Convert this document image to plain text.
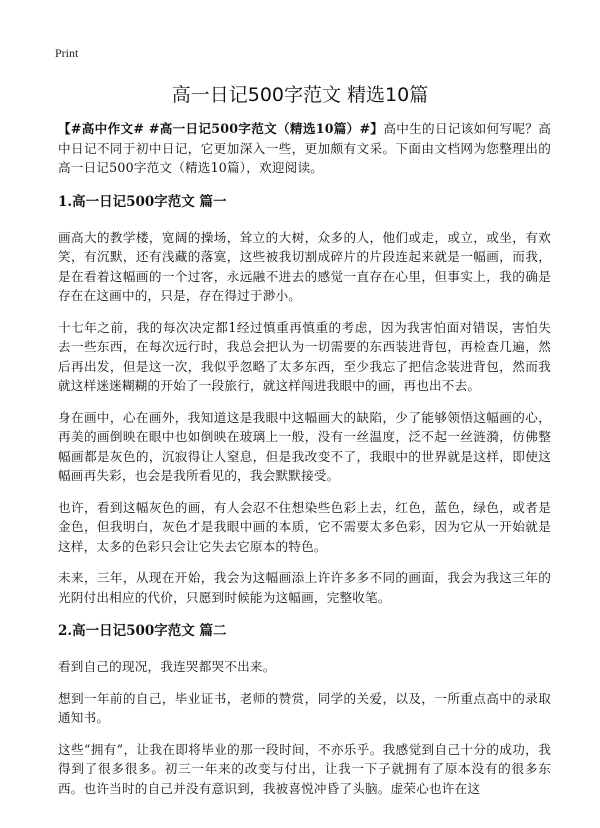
Print
高一日记500字范文 精选10篇

【#高中作文# #高一日记500字范文（精选10篇）#】高中生的日记该如何写呢？高中日记不同于初中日记，它更加深入一些，更加颇有文采。下面由文档网为您整理出的高一日记500字范文（精选10篇），欢迎阅读。

1.高一日记500字范文 篇一

画高大的教学楼，宽阔的操场，耸立的大树，众多的人，他们或走，或立，或坐，有欢笑，有沉默，还有浅藏的落寞，这些被我切割成碎片的片段连起来就是一幅画，而我，是在看着这幅画的一个过客，永远融不进去的感觉一直存在心里，但事实上，我的确是存在在这画中的，只是，存在得过于渺小。

十七年之前，我的每次决定都1经过慎重再慎重的考虑，因为我害怕面对错误，害怕失去一些东西，在每次远行时，我总会把认为一切需要的东西装进背包，再检查几遍，然后再出发，但是这一次，我似乎忽略了太多东西，至少我忘了把信念装进背包，然而我就这样迷迷糊糊的开始了一段旅行，就这样闯进我眼中的画，再也出不去。

身在画中，心在画外，我知道这是我眼中这幅画大的缺陷，少了能够领悟这幅画的心，再美的画倒映在眼中也如倒映在玻璃上一般，没有一丝温度，泛不起一丝涟漪，仿佛整幅画都是灰色的，沉寂得让人窒息，但是我改变不了，我眼中的世界就是这样，即使这幅画再失彩，也会是我所看见的，我会默默接受。

也许，看到这幅灰色的画，有人会忍不住想染些色彩上去，红色，蓝色，绿色，或者是金色，但我明白，灰色才是我眼中画的本质，它不需要太多色彩，因为它从一开始就是这样，太多的色彩只会让它失去它原本的特色。

未来，三年，从现在开始，我会为这幅画添上许许多多不同的画面，我会为我这三年的光阴付出相应的代价，只愿到时候能为这幅画，完整收笔。

2.高一日记500字范文 篇二

看到自己的现况，我连哭都哭不出来。

想到一年前的自己，毕业证书，老师的赞赏，同学的关爱，以及，一所重点高中的录取通知书。

这些“拥有”，让我在即将毕业的那一段时间，不亦乐乎。我感觉到自己十分的成功，我得到了很多很多。初三一年来的改变与付出，让我一下子就拥有了原本没有的很多东西。也许当时的自己并没有意识到，我被喜悦冲昏了头脑。虚荣心也许在这
